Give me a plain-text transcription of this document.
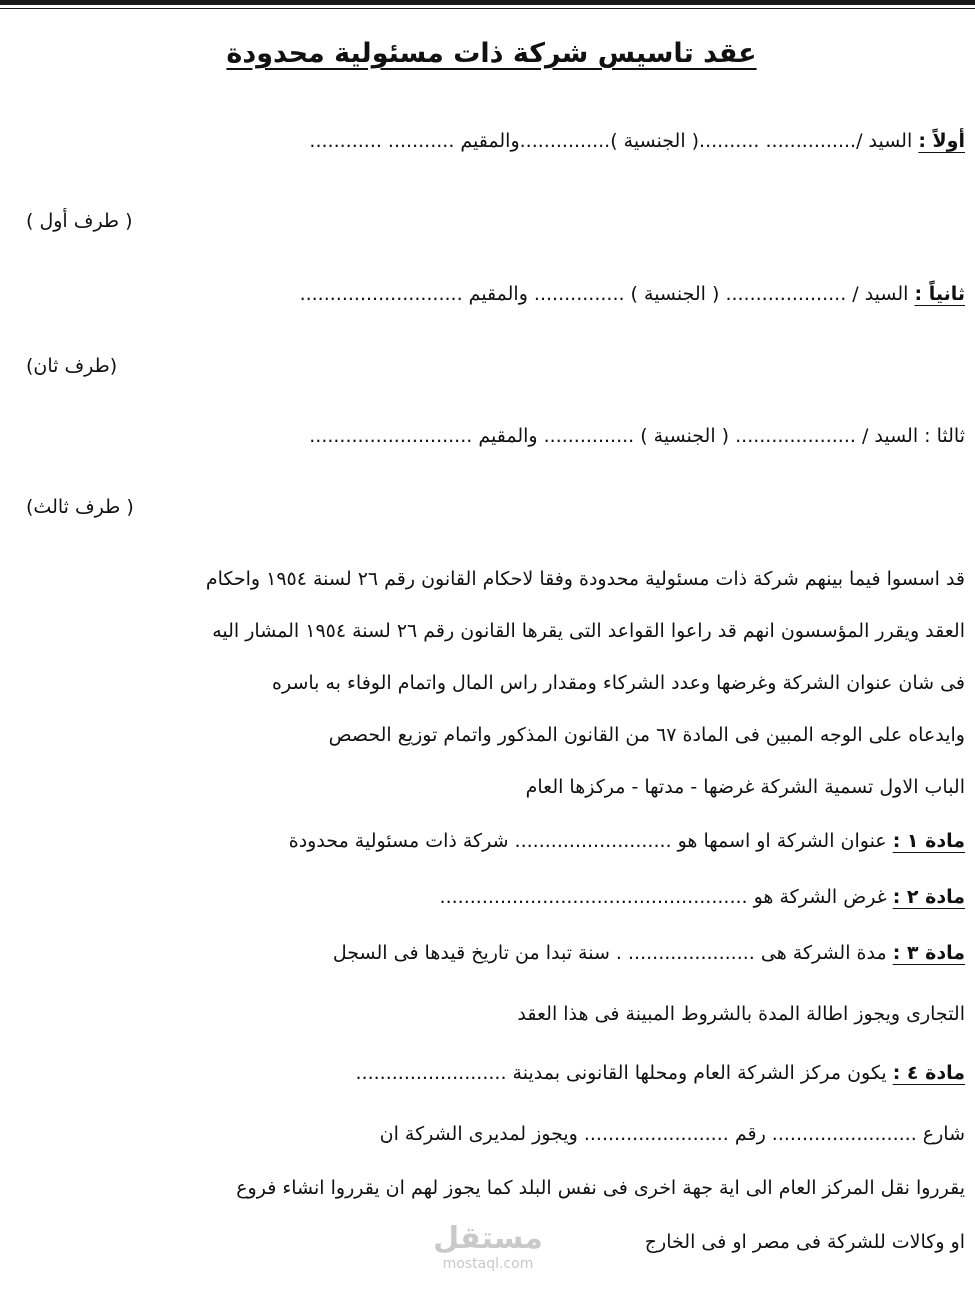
عقد تاسيس شركة ذات مسئولية محدودة
أولاً : السيد /............... ..........( الجنسية )...............والمقيم ........... ............
( طرف أول )
ثانياً : السيد / .................... ( الجنسية ) ............... والمقيم ...........................
(طرف ثان)
ثالثا : السيد / .................... ( الجنسية ) ............... والمقيم ...........................
( طرف ثالث)
قد اسسوا فيما بينهم شركة ذات مسئولية محدودة وفقا لاحكام القانون رقم ٢٦ لسنة ١٩٥٤ واحكام
العقد ويقرر المؤسسون انهم قد راعوا القواعد التى يقرها القانون رقم ٢٦ لسنة ١٩٥٤ المشار اليه
فى شان عنوان الشركة وغرضها وعدد الشركاء ومقدار راس المال واتمام الوفاء به باسره
وايدعاه على الوجه المبين فى المادة ٦٧ من القانون المذكور واتمام توزيع الحصص
الباب الاول تسمية الشركة غرضها - مدتها - مركزها العام
مادة ١ : عنوان الشركة او اسمها هو .......................... شركة ذات مسئولية محدودة
مادة ٢ : غرض الشركة هو ...................................................
مادة ٣ : مدة الشركة هى ..................... . سنة تبدا من تاريخ قيدها فى السجل
التجارى ويجوز اطالة المدة بالشروط المبينة فى هذا العقد
مادة ٤ : يكون مركز الشركة العام ومحلها القانونى بمدينة .........................
شارع ........................ رقم ........................ ويجوز لمديرى الشركة ان
يقرروا نقل المركز العام الى اية جهة اخرى فى نفس البلد كما يجوز لهم ان يقرروا انشاء فروع
او وكالات للشركة فى مصر او فى الخارج
مستقل
mostaql.com
